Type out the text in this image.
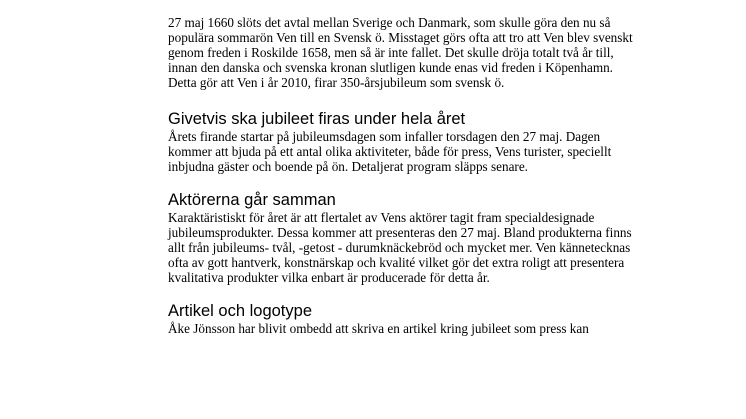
27 maj 1660 slöts det avtal mellan Sverige och Danmark, som skulle göra den nu så populära sommarön Ven till en Svensk ö. Misstaget görs ofta att tro att Ven blev svenskt genom freden i Roskilde 1658, men så är inte fallet. Det skulle dröja totalt två år till, innan den danska och svenska kronan slutligen kunde enas vid freden i Köpenhamn. Detta gör att Ven i år 2010, firar 350-årsjubileum som svensk ö.

Givetvis ska jubileet firas under hela året

Årets firande startar på jubileumsdagen som infaller torsdagen den 27 maj. Dagen kommer att bjuda på ett antal olika aktiviteter, både för press, Vens turister, speciellt inbjudna gäster och boende på ön. Detaljerat program släpps senare.

Aktörerna går samman

Karaktäristiskt för året är att flertalet av Vens aktörer tagit fram specialdesignade jubileumsprodukter. Dessa kommer att presenteras den 27 maj. Bland produkterna finns allt från jubileums- tvål, -getost - durumknäckebröd och mycket mer. Ven kännetecknas ofta av gott hantverk, konstnärskap och kvalité vilket gör det extra roligt att presentera kvalitativa produkter vilka enbart är producerade för detta år.

Artikel och logotype

Åke Jönsson har blivit ombedd att skriva en artikel kring jubileet som press kan
